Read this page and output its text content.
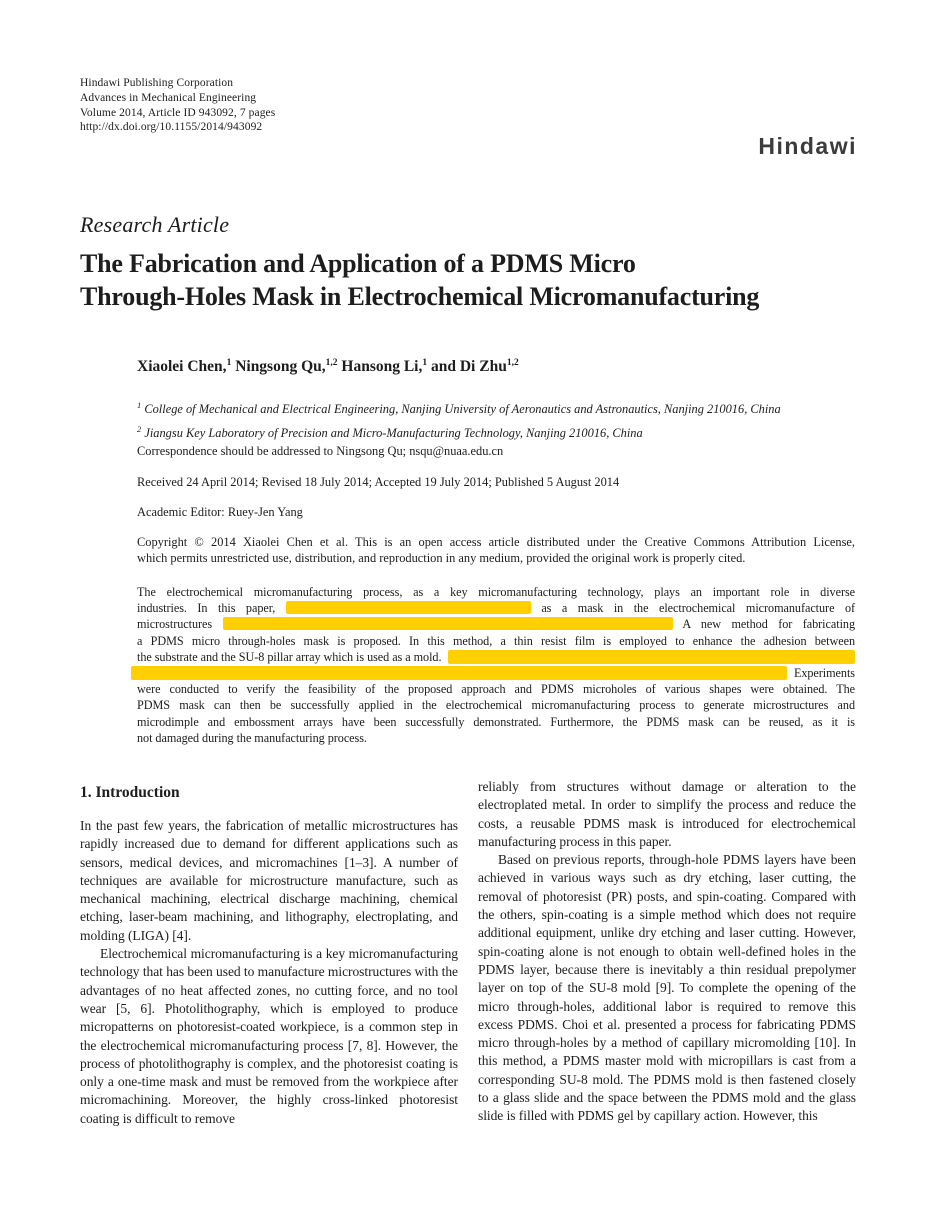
Hindawi Publishing Corporation
Advances in Mechanical Engineering
Volume 2014, Article ID 943092, 7 pages
http://dx.doi.org/10.1155/2014/943092
Hindawi
Research Article
The Fabrication and Application of a PDMS Micro
Through-Holes Mask in Electrochemical Micromanufacturing
Xiaolei Chen,$^1$ Ningsong Qu,$^{1,2}$ Hansong Li,$^1$ and Di Zhu$^{1,2}$
$^1$ College of Mechanical and Electrical Engineering, Nanjing University of Aeronautics and Astronautics, Nanjing 210016, China
$^2$ Jiangsu Key Laboratory of Precision and Micro-Manufacturing Technology, Nanjing 210016, China
Correspondence should be addressed to Ningsong Qu; nsqu@nuaa.edu.cn
Received 24 April 2014; Revised 18 July 2014; Accepted 19 July 2014; Published 5 August 2014
Academic Editor: Ruey-Jen Yang
Copyright © 2014 Xiaolei Chen et al. This is an open access article distributed under the Creative Commons Attribution License,
which permits unrestricted use, distribution, and reproduction in any medium, provided the original work is properly cited.
The electrochemical micromanufacturing process, as a key micromanufacturing technology, plays an important role in diverse
industries. In this paper,	as a mask in the electrochemical micromanufacture of
microstructures	A new method for fabricating
a PDMS micro through-holes mask is proposed. In this method, a thin resist film is employed to enhance the adhesion between
the substrate and the SU-8 pillar array which is used as a mold.
Experiments
were conducted to verify the feasibility of the proposed approach and PDMS microholes of various shapes were obtained. The
PDMS mask can then be successfully applied in the electrochemical micromanufacturing process to generate microstructures and
microdimple and embossment arrays have been successfully demonstrated. Furthermore, the PDMS mask can be reused, as it is
not damaged during the manufacturing process.
1. Introduction

In the past few years, the fabrication of metallic microstructures has rapidly increased due to demand for different applications such as sensors, medical devices, and micromachines [1–3]. A number of techniques are available for microstructure manufacture, such as mechanical machining, electrical discharge machining, chemical etching, laser-beam machining, and lithography, electroplating, and molding (LIGA) [4].

Electrochemical micromanufacturing is a key micromanufacturing technology that has been used to manufacture microstructures with the advantages of no heat affected zones, no cutting force, and no tool wear [5, 6]. Photolithography, which is employed to produce micropatterns on photoresist-coated workpiece, is a common step in the electrochemical micromanufacturing process [7, 8]. However, the process of photolithography is complex, and the photoresist coating is only a one-time mask and must be removed from the workpiece after micromachining. Moreover, the highly cross-linked photoresist coating is difficult to remove

reliably from structures without damage or alteration to the electroplated metal. In order to simplify the process and reduce the costs, a reusable PDMS mask is introduced for electrochemical manufacturing process in this paper.

Based on previous reports, through-hole PDMS layers have been achieved in various ways such as dry etching, laser cutting, the removal of photoresist (PR) posts, and spin-coating. Compared with the others, spin-coating is a simple method which does not require additional equipment, unlike dry etching and laser cutting. However, spin-coating alone is not enough to obtain well-defined holes in the PDMS layer, because there is inevitably a thin residual prepolymer layer on top of the SU-8 mold [9]. To complete the opening of the micro through-holes, additional labor is required to remove this excess PDMS. Choi et al. presented a process for fabricating PDMS micro through-holes by a method of capillary micromolding [10]. In this method, a PDMS master mold with micropillars is cast from a corresponding SU-8 mold. The PDMS mold is then fastened closely to a glass slide and the space between the PDMS mold and the glass slide is filled with PDMS gel by capillary action. However, this
